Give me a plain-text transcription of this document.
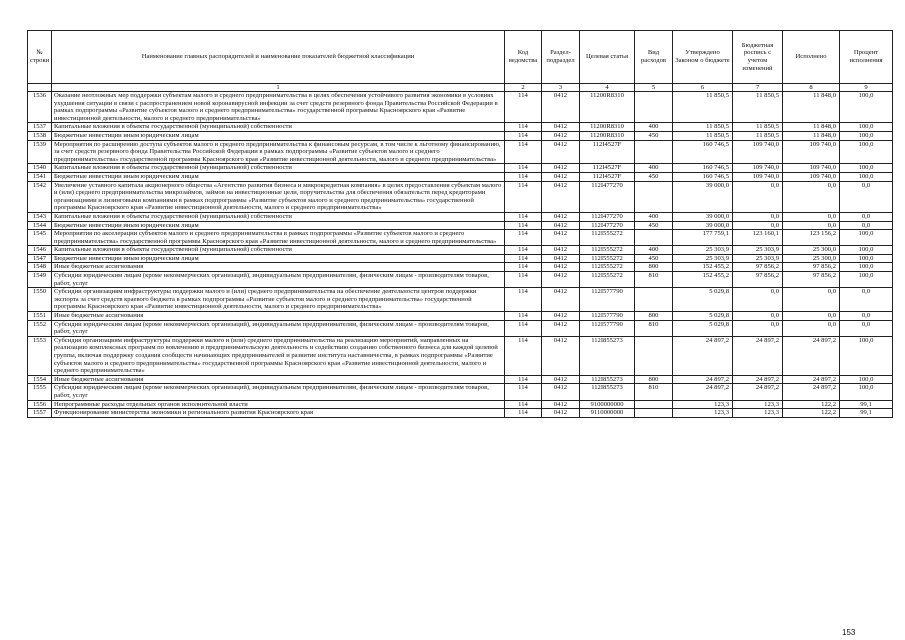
№ строки	Наименование главных распорядителей и наименование показателей бюджетной классификации	Код ведомства	Раздел-подраздел	Целевая статья	Вид расходов	Утверждено Законом о бюджете	Бюджетная роспись с учетом изменений	Исполнено	Процент исполнения
	1	2	3	4	5	6	7	8	9
1536	Оказание неотложных мер поддержки субъектам малого и среднего предпринимательства в целях обеспечения устойчивого развития экономики в условиях ухудшения ситуации в связи с распространением новой коронавирусной инфекции за счет средств резервного фонда Правительства Российской Федерации в рамках подпрограммы «Развитие субъектов малого и среднего предпринимательства» государственной программы Красноярского края «Развитие инвестиционной деятельности, малого и среднего предпринимательства»	114	0412	11200R8310		11 850,5	11 850,5	11 848,0	100,0
1537	Капитальные вложения в объекты государственной (муниципальной) собственности	114	0412	11200R8310	400	11 850,5	11 850,5	11 848,0	100,0
1538	Бюджетные инвестиции иным юридическим лицам	114	0412	11200R8310	450	11 850,5	11 850,5	11 848,0	100,0
1539	Мероприятия по расширению доступа субъектов малого и среднего предпринимательства к финансовым ресурсам, в том числе к льготному финансированию, за счет средств резервного фонда Правительства Российской Федерации в рамках подпрограммы «Развитие субъектов малого и среднего предпринимательства» государственной программы Красноярского края «Развитие инвестиционной деятельности, малого и среднего предпринимательства»	114	0412	112I4527F		160 746,5	109 740,0	109 740,0	100,0
1540	Капитальные вложения в объекты государственной (муниципальной) собственности	114	0412	112I4527F	400	160 746,5	109 740,0	109 740,0	100,0
1541	Бюджетные инвестиции иным юридическим лицам	114	0412	112I4527F	450	160 746,5	109 740,0	109 740,0	100,0
1542	Увеличение уставного капитала акционерного общества «Агентство развития бизнеса и микрокредитная компания» в целях предоставления субъектам малого и (или) среднего предпринимательства микрозаймов, займов на инвестиционные цели, поручительства для обеспечения обязательств перед кредиторами организациями и лизинговыми компаниями в рамках подпрограммы «Развитие субъектов малого и среднего предпринимательства» государственной программы Красноярского края «Развитие инвестиционной деятельности, малого и среднего предпринимательства»	114	0412	112I477270		39 000,0	0,0	0,0	0,0
1543	Капитальные вложения в объекты государственной (муниципальной) собственности	114	0412	112I477270	400	39 000,0	0,0	0,0	0,0
1544	Бюджетные инвестиции иным юридическим лицам	114	0412	112I477270	450	39 000,0	0,0	0,0	0,0
1545	Мероприятия по акселерации субъектов малого и среднего предпринимательства в рамках подпрограммы «Развитие субъектов малого и среднего предпринимательства» государственной программы Красноярского края «Развитие инвестиционной деятельности, малого и среднего предпринимательства»	114	0412	112I555272		177 759,1	123 160,1	123 156,2	100,0
1546	Капитальные вложения в объекты государственной (муниципальной) собственности	114	0412	112I555272	400	25 303,9	25 303,9	25 300,0	100,0
1547	Бюджетные инвестиции иным юридическим лицам	114	0412	112I555272	450	25 303,9	25 303,9	25 300,0	100,0
1548	Иные бюджетные ассигнования	114	0412	112I555272	800	152 455,2	97 856,2	97 856,2	100,0
1549	Субсидии юридическим лицам (кроме некоммерческих организаций), индивидуальным предпринимателям, физическим лицам - производителям товаров, работ, услуг	114	0412	112I555272	810	152 455,2	97 856,2	97 856,2	100,0
1550	Субсидии организациям инфраструктуры поддержки малого и (или) среднего предпринимательства на обеспечение деятельности центров поддержки экспорта за счет средств краевого бюджета в рамках подпрограммы «Развитие субъектов малого и среднего предпринимательства» государственной программы Красноярского края «Развитие инвестиционной деятельности, малого и среднего предпринимательства»	114	0412	112I577790		5 029,8	0,0	0,0	0,0
1551	Иные бюджетные ассигнования	114	0412	112I577790	800	5 029,8	0,0	0,0	0,0
1552	Субсидии юридическим лицам (кроме некоммерческих организаций), индивидуальным предпринимателям, физическим лицам - производителям товаров, работ, услуг	114	0412	112I577790	810	5 029,8	0,0	0,0	0,0
1553	Субсидия организациям инфраструктуры поддержки малого и (или) среднего предпринимательства на реализацию мероприятий, направленных на реализацию комплексных программ по вовлечению в предпринимательскую деятельность и содействию созданию собственного бизнеса для каждой целевой группы, включая поддержку создания сообществ начинающих предпринимателей и развитие института наставничества, в рамках подпрограммы «Развитие субъектов малого и среднего предпринимательства» государственной программы Красноярского края «Развитие инвестиционной деятельности, малого и среднего предпринимательства»	114	0412	112I855273		24 897,2	24 897,2	24 897,2	100,0
1554	Иные бюджетные ассигнования	114	0412	112I855273	800	24 897,2	24 897,2	24 897,2	100,0
1555	Субсидии юридическим лицам (кроме некоммерческих организаций), индивидуальным предпринимателям, физическим лицам - производителям товаров, работ, услуг	114	0412	112I855273	810	24 897,2	24 897,2	24 897,2	100,0
1556	Непрограммные расходы отдельных органов исполнительной власти	114	0412	9100000000		123,3	123,3	122,2	99,1
1557	Функционирование министерства экономики и регионального развития Красноярского края	114	0412	9110000000		123,3	123,3	122,2	99,1
153
